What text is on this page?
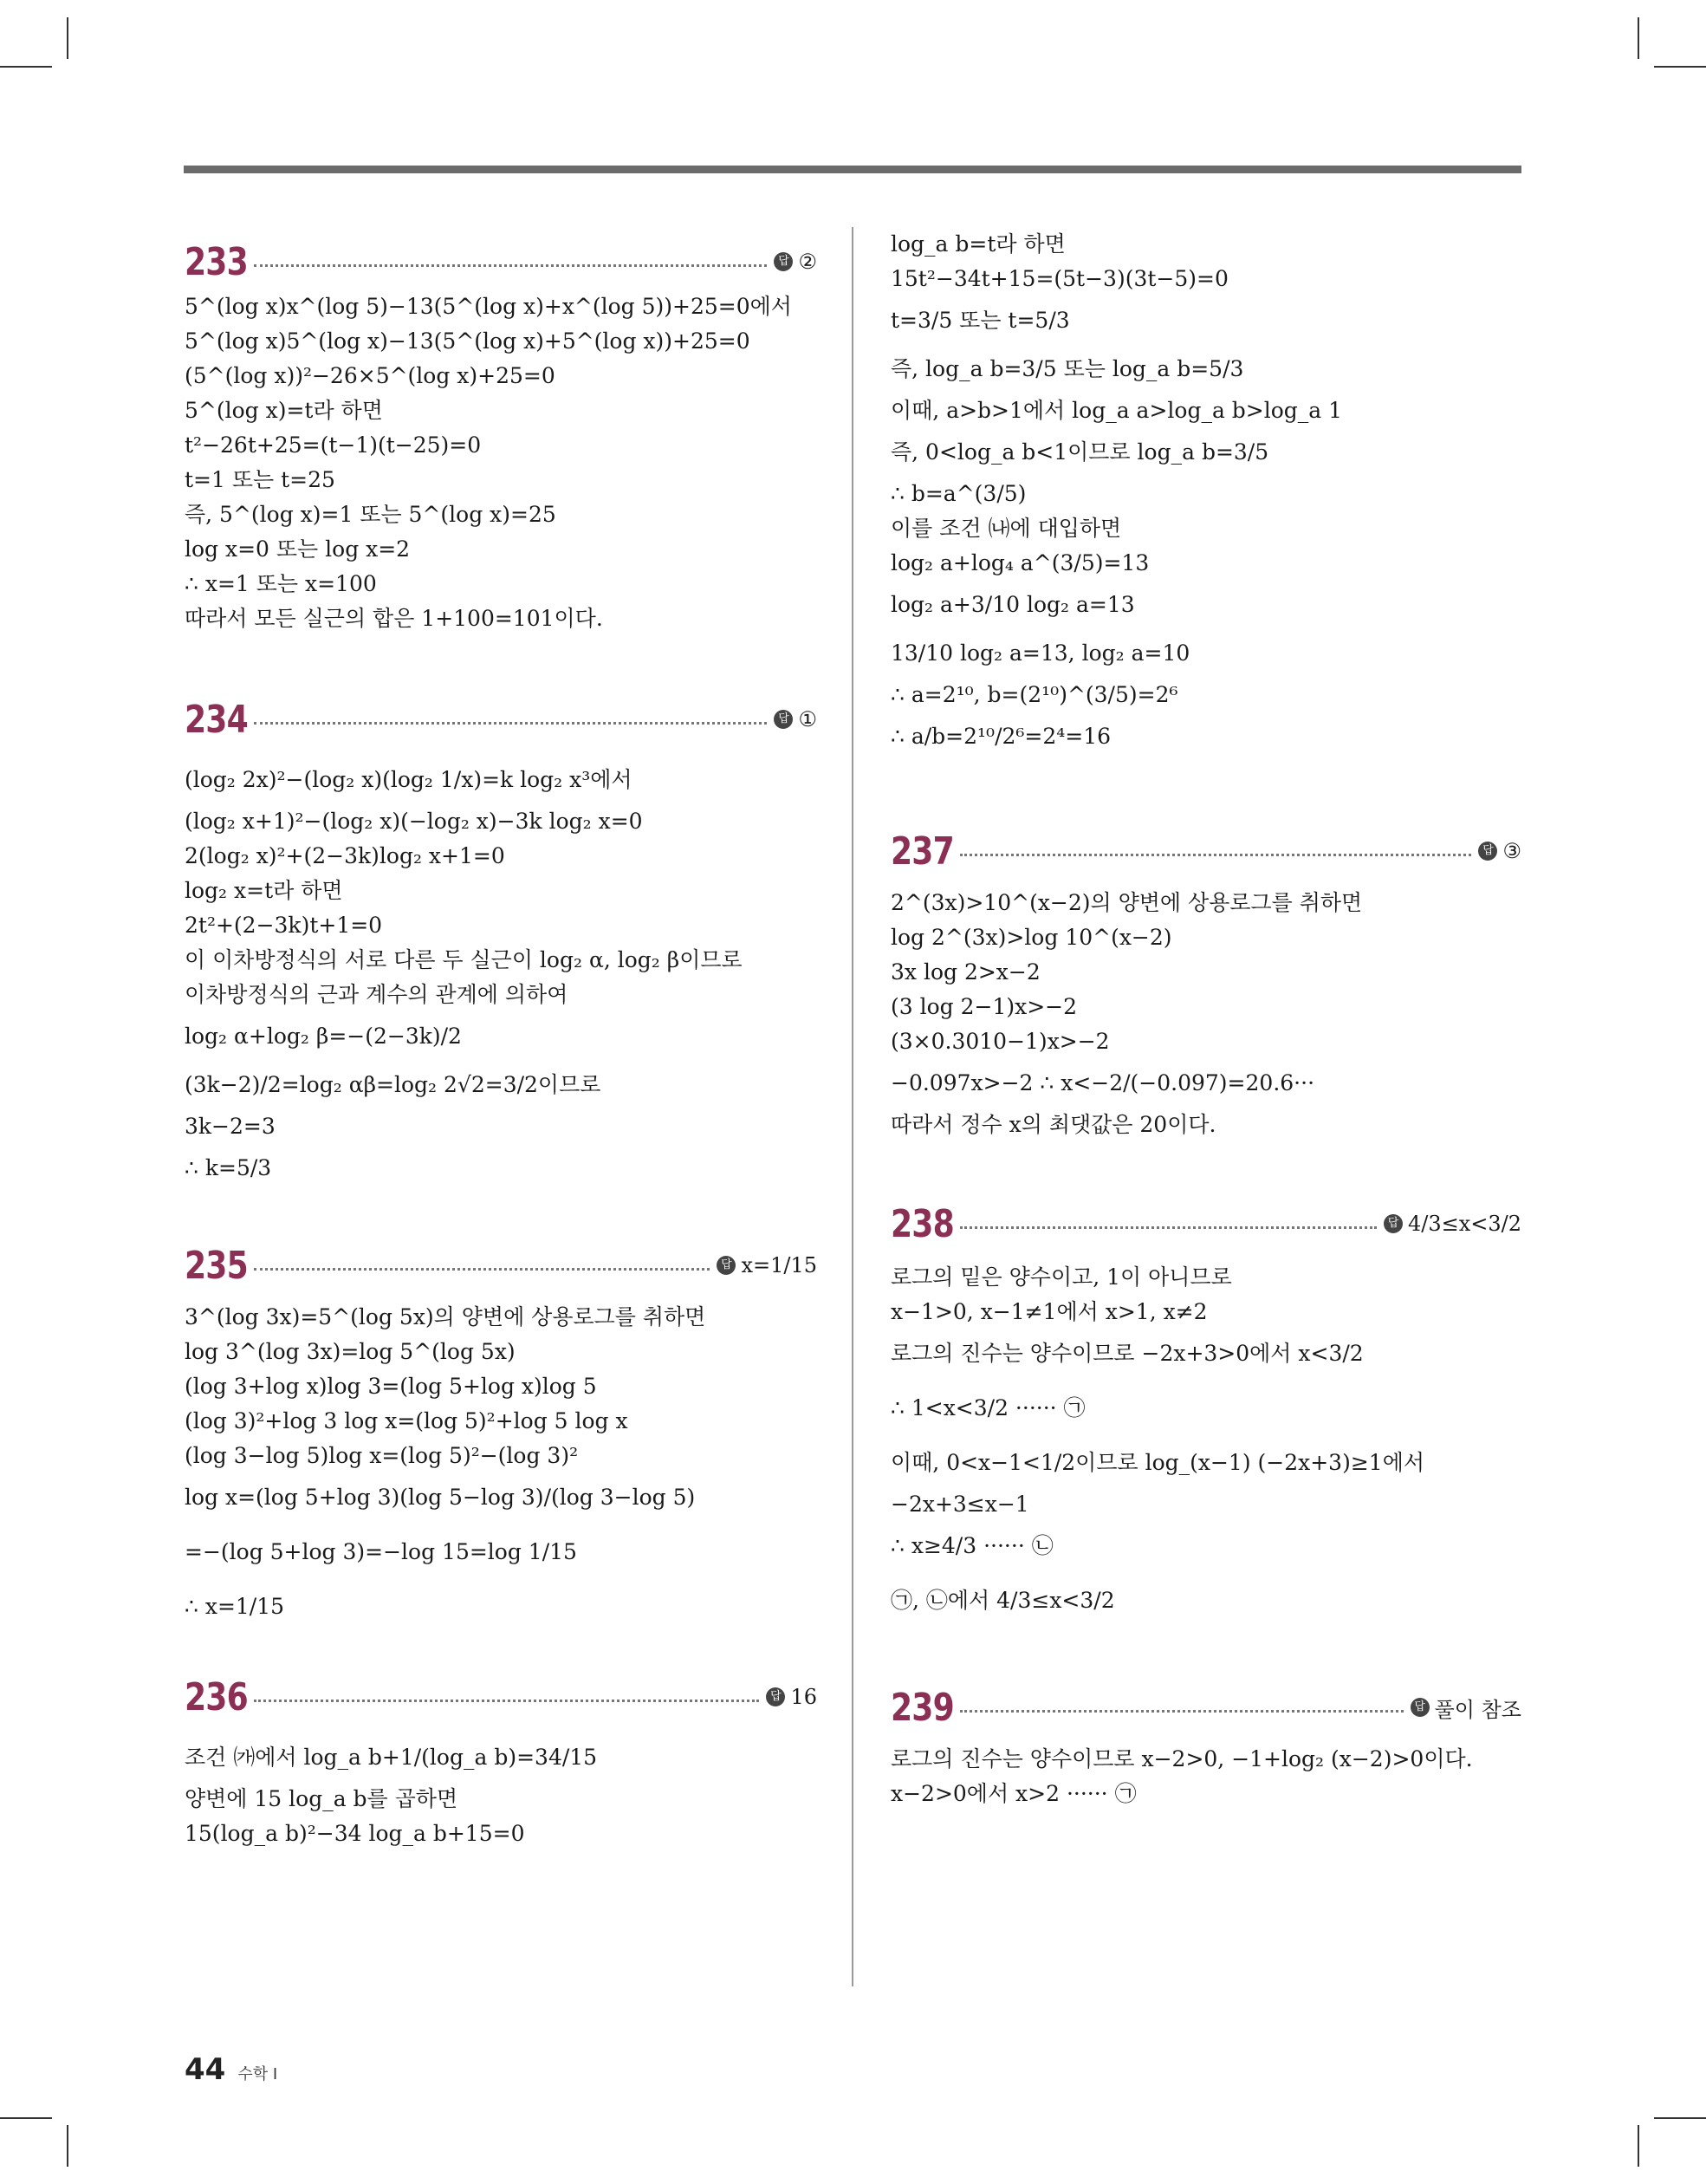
233	답 ②
5^(log x)x^(log 5)−13(5^(log x)+x^(log 5))+25=0에서
5^(log x)5^(log x)−13(5^(log x)+5^(log x))+25=0
(5^(log x))²−26×5^(log x)+25=0
5^(log x)=t라 하면
t²−26t+25=(t−1)(t−25)=0
t=1 또는 t=25
즉, 5^(log x)=1 또는 5^(log x)=25
log x=0 또는 log x=2
∴ x=1 또는 x=100
따라서 모든 실근의 합은 1+100=101이다.
234	답 ①
(log₂ 2x)²−(log₂ x)(log₂ 1/x)=k log₂ x³에서
(log₂ x+1)²−(log₂ x)(−log₂ x)−3k log₂ x=0
2(log₂ x)²+(2−3k)log₂ x+1=0
log₂ x=t라 하면
2t²+(2−3k)t+1=0
이 이차방정식의 서로 다른 두 실근이 log₂ α, log₂ β이므로
이차방정식의 근과 계수의 관계에 의하여
log₂ α+log₂ β=−(2−3k)/2
(3k−2)/2=log₂ αβ=log₂ 2√2=3/2이므로
3k−2=3
∴ k=5/3
235	답 x=1/15
3^(log 3x)=5^(log 5x)의 양변에 상용로그를 취하면
log 3^(log 3x)=log 5^(log 5x)
(log 3+log x)log 3=(log 5+log x)log 5
(log 3)²+log 3 log x=(log 5)²+log 5 log x
(log 3−log 5)log x=(log 5)²−(log 3)²
log x=(log 5+log 3)(log 5−log 3)/(log 3−log 5)
=−(log 5+log 3)=−log 15=log 1/15
∴ x=1/15
236	답 16
조건 ㈎에서 log_a b+1/(log_a b)=34/15
양변에 15 log_a b를 곱하면
15(log_a b)²−34 log_a b+15=0
log_a b=t라 하면
15t²−34t+15=(5t−3)(3t−5)=0
t=3/5 또는 t=5/3
즉, log_a b=3/5 또는 log_a b=5/3
이때, a>b>1에서 log_a a>log_a b>log_a 1
즉, 0<log_a b<1이므로 log_a b=3/5
∴ b=a^(3/5)
이를 조건 ㈏에 대입하면
log₂ a+log₄ a^(3/5)=13
log₂ a+3/10 log₂ a=13
13/10 log₂ a=13, log₂ a=10
∴ a=2¹⁰, b=(2¹⁰)^(3/5)=2⁶
∴ a/b=2¹⁰/2⁶=2⁴=16
237	답 ③
2^(3x)>10^(x−2)의 양변에 상용로그를 취하면
log 2^(3x)>log 10^(x−2)
3x log 2>x−2
(3 log 2−1)x>−2
(3×0.3010−1)x>−2
−0.097x>−2 ∴ x<−2/(−0.097)=20.6···
따라서 정수 x의 최댓값은 20이다.
238	답 4/3≤x<3/2
로그의 밑은 양수이고, 1이 아니므로
x−1>0, x−1≠1에서 x>1, x≠2
로그의 진수는 양수이므로 −2x+3>0에서 x<3/2
∴ 1<x<3/2 ······ ㉠
이때, 0<x−1<1/2이므로 log_(x−1) (−2x+3)≥1에서
−2x+3≤x−1
∴ x≥4/3 ······ ㉡
㉠, ㉡에서 4/3≤x<3/2
239	답 풀이 참조
로그의 진수는 양수이므로 x−2>0, −1+log₂ (x−2)>0이다.
x−2>0에서 x>2 ······ ㉠
44 수학 I
